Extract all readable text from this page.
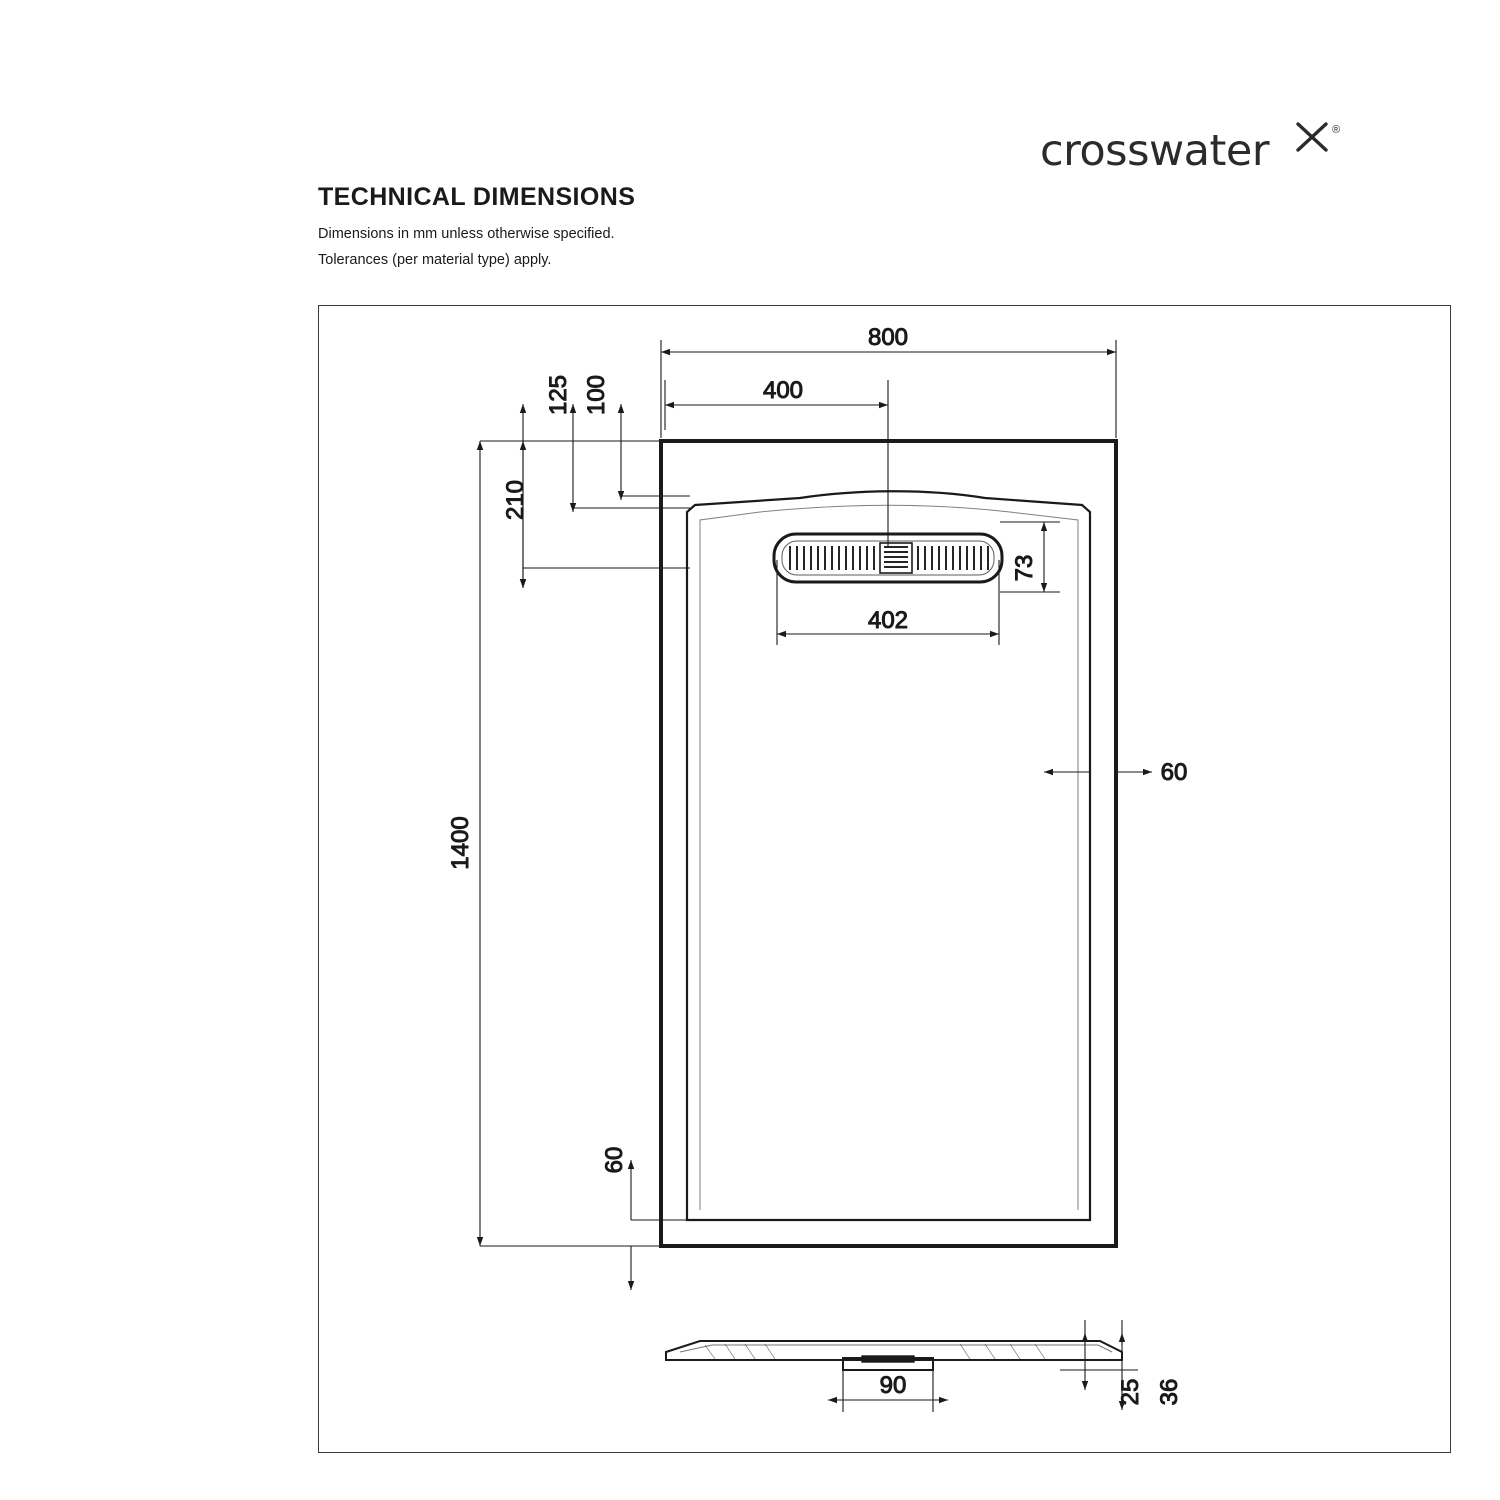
crosswater	®
TECHNICAL DIMENSIONS
Dimensions in mm unless otherwise specified.
Tolerances (per material type) apply.
800
400
402
73
125 100
210
1400
60
60
90	25 36
